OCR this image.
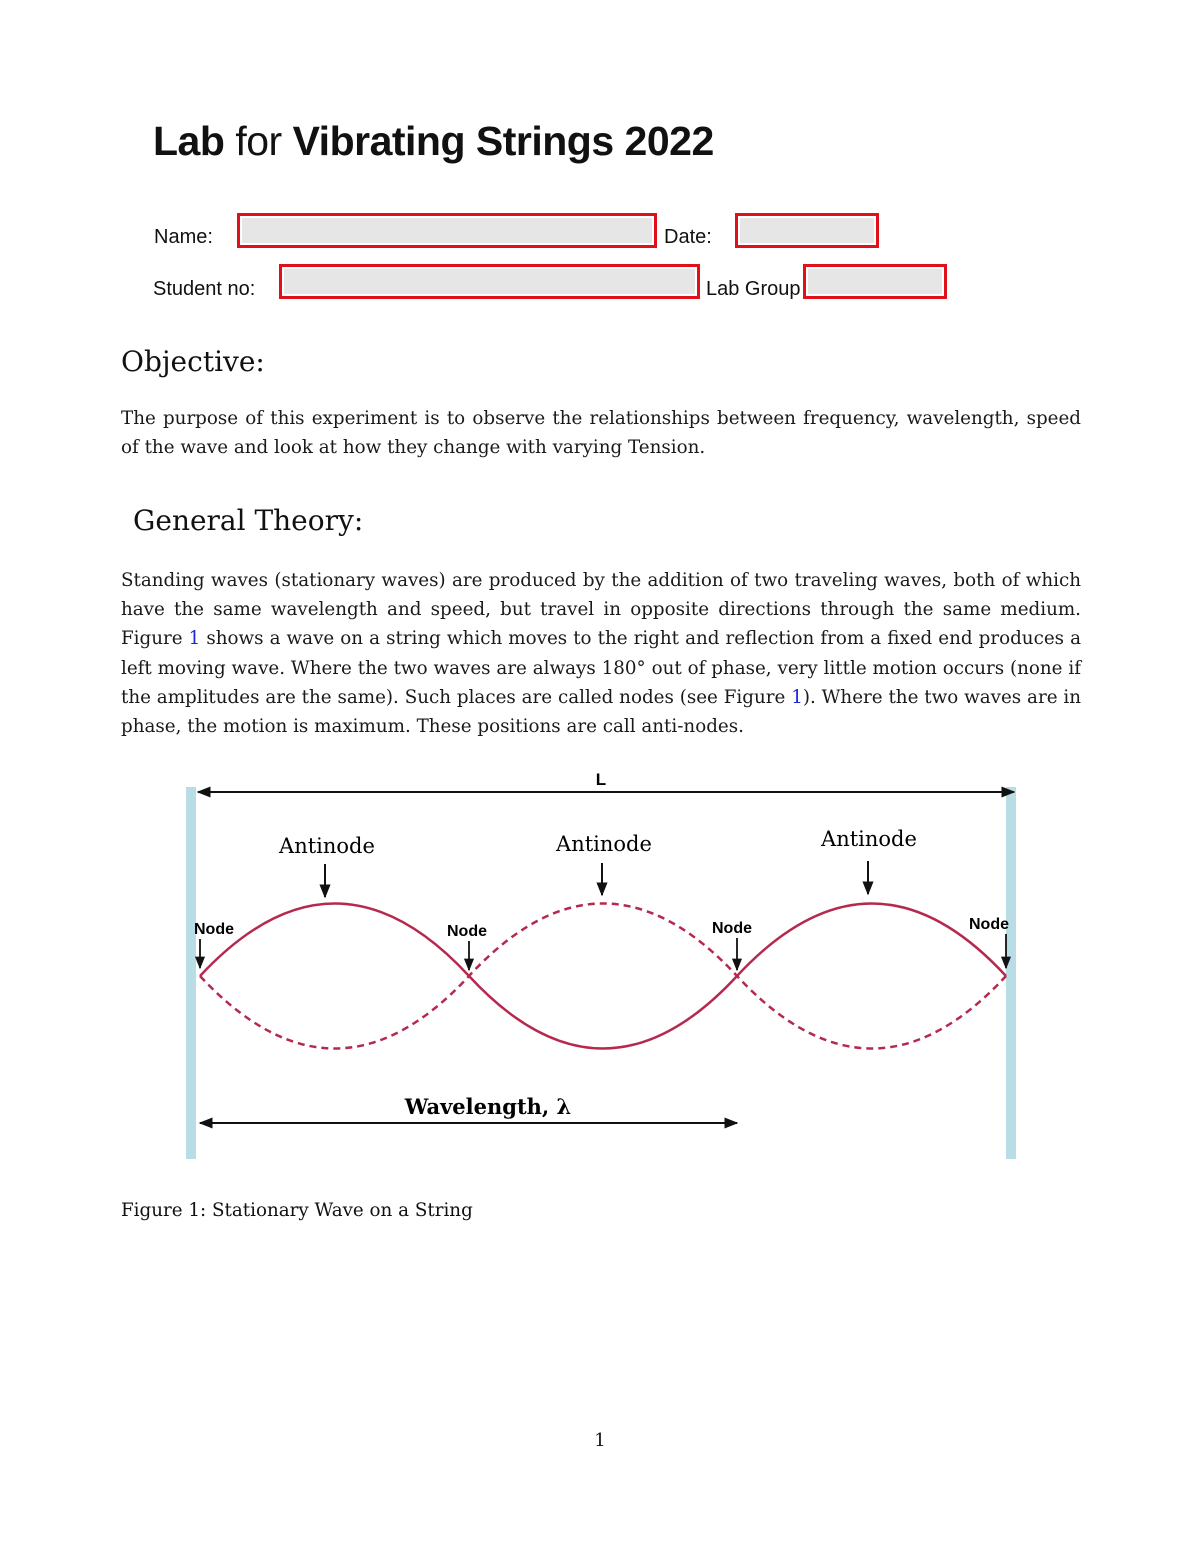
Lab for Vibrating Strings 2022
Name:	Date:
Student no:	Lab Group
Objective:
The purpose of this experiment is to observe the relationships between frequency, wavelength, speed of the wave and look at how they change with varying Tension.
General Theory:
Standing waves (stationary waves) are produced by the addition of two traveling waves, both of which have the same wavelength and speed, but travel in opposite directions through the same medium. Figure 1 shows a wave on a string which moves to the right and reflection from a fixed end produces a left moving wave. Where the two waves are always 180° out of phase, very little motion occurs (none if the amplitudes are the same). Such places are called nodes (see Figure 1). Where the two waves are in phase, the motion is maximum. These positions are call anti-nodes.
L
Antinode	Antinode	Antinode
Node	Node	Node	Node
Wavelength, λ
Figure 1: Stationary Wave on a String
1
